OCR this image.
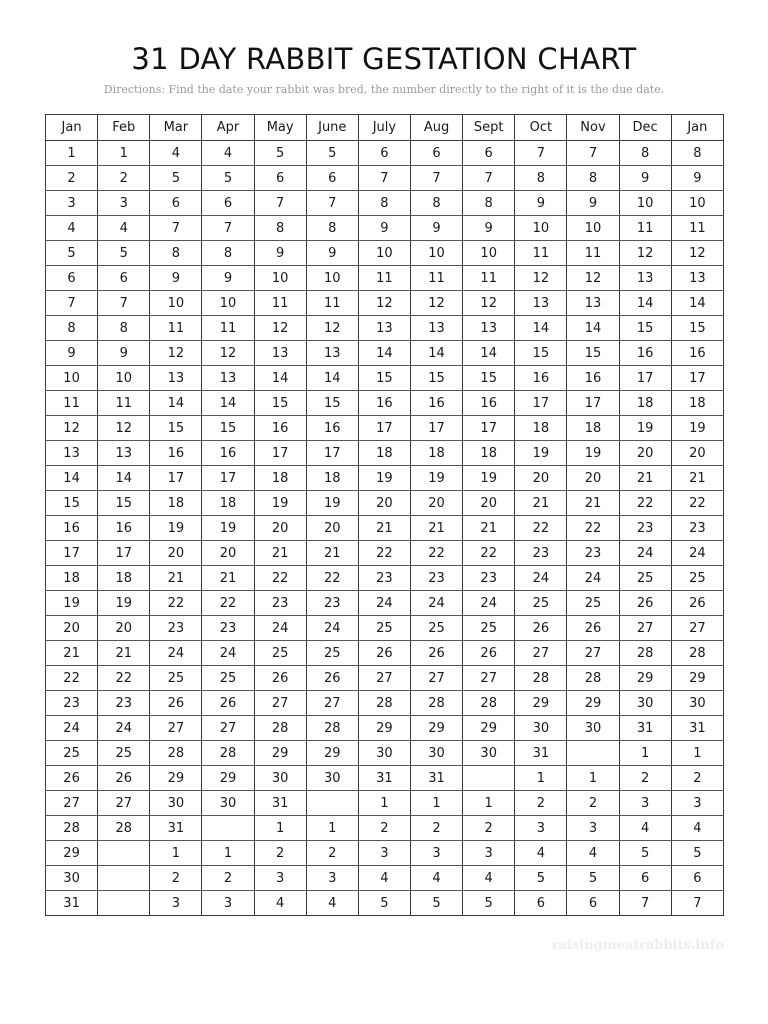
31 DAY RABBIT GESTATION CHART
Directions: Find the date your rabbit was bred, the number directly to the right of it is the due date.
Jan	Feb	Mar	Apr	May	June	July	Aug	Sept	Oct	Nov	Dec	Jan
1	1	4	4	5	5	6	6	6	7	7	8	8
2	2	5	5	6	6	7	7	7	8	8	9	9
3	3	6	6	7	7	8	8	8	9	9	10	10
4	4	7	7	8	8	9	9	9	10	10	11	11
5	5	8	8	9	9	10	10	10	11	11	12	12
6	6	9	9	10	10	11	11	11	12	12	13	13
7	7	10	10	11	11	12	12	12	13	13	14	14
8	8	11	11	12	12	13	13	13	14	14	15	15
9	9	12	12	13	13	14	14	14	15	15	16	16
10	10	13	13	14	14	15	15	15	16	16	17	17
11	11	14	14	15	15	16	16	16	17	17	18	18
12	12	15	15	16	16	17	17	17	18	18	19	19
13	13	16	16	17	17	18	18	18	19	19	20	20
14	14	17	17	18	18	19	19	19	20	20	21	21
15	15	18	18	19	19	20	20	20	21	21	22	22
16	16	19	19	20	20	21	21	21	22	22	23	23
17	17	20	20	21	21	22	22	22	23	23	24	24
18	18	21	21	22	22	23	23	23	24	24	25	25
19	19	22	22	23	23	24	24	24	25	25	26	26
20	20	23	23	24	24	25	25	25	26	26	27	27
21	21	24	24	25	25	26	26	26	27	27	28	28
22	22	25	25	26	26	27	27	27	28	28	29	29
23	23	26	26	27	27	28	28	28	29	29	30	30
24	24	27	27	28	28	29	29	29	30	30	31	31
25	25	28	28	29	29	30	30	30	31		1	1
26	26	29	29	30	30	31	31		1	1	2	2
27	27	30	30	31		1	1	1	2	2	3	3
28	28	31		1	1	2	2	2	3	3	4	4
29		1	1	2	2	3	3	3	4	4	5	5
30		2	2	3	3	4	4	4	5	5	6	6
31		3	3	4	4	5	5	5	6	6	7	7
raisingmeatrabbits.info
